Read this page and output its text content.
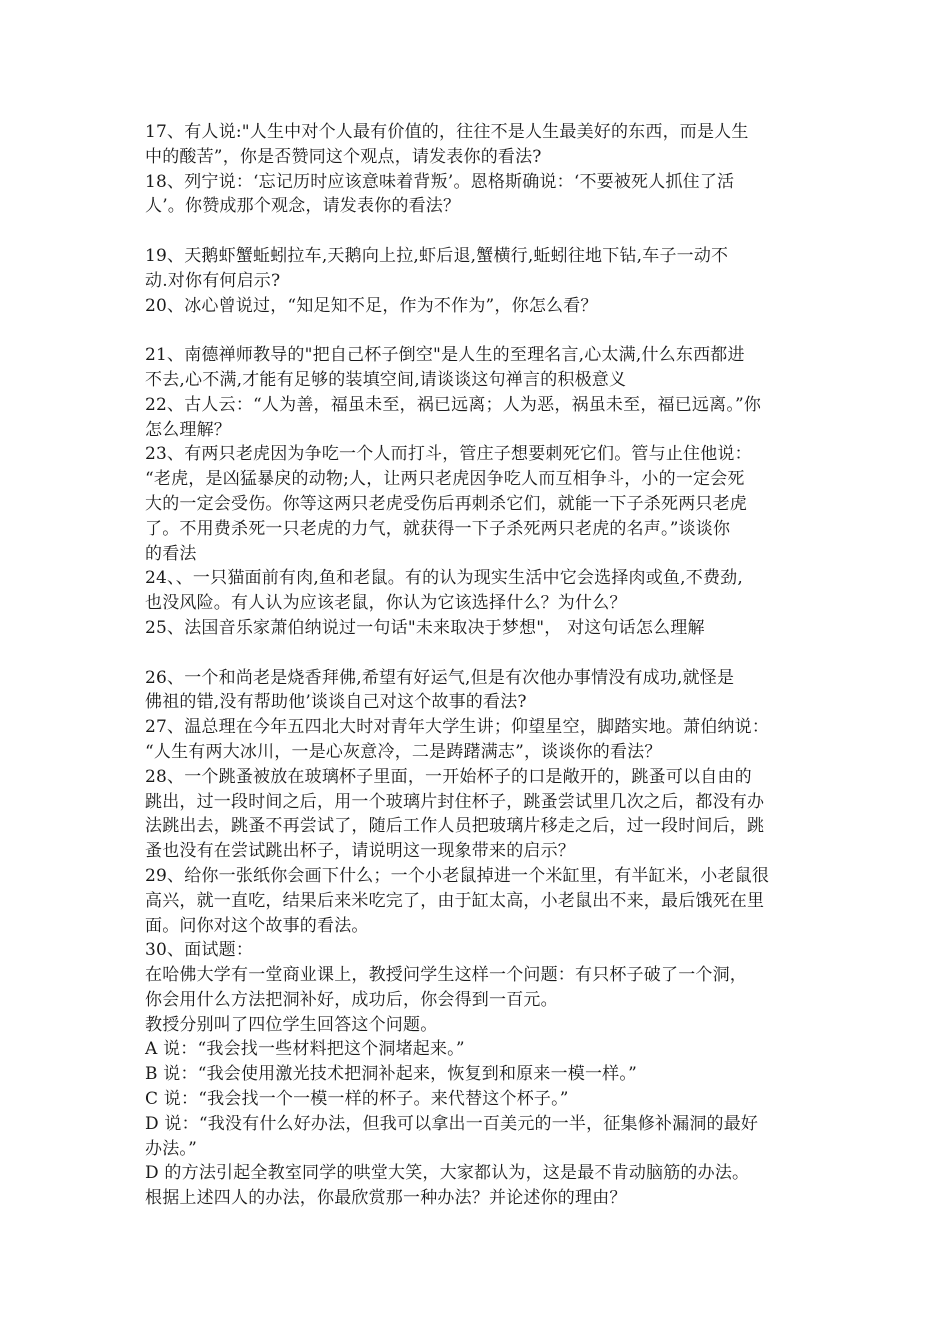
17、有人说:"人生中对个人最有价值的，往往不是人生最美好的东西，而是人生
中的酸苦”，你是否赞同这个观点，请发表你的看法?
18、列宁说：‘忘记历时应该意味着背叛’。恩格斯确说：‘不要被死人抓住了活
人’。你赞成那个观念，请发表你的看法？
19、天鹅虾蟹蚯蚓拉车,天鹅向上拉,虾后退,蟹横行,蚯蚓往地下钻,车子一动不
动.对你有何启示?
20、冰心曾说过，“知足知不足，作为不作为”，你怎么看？
21、南德禅师教导的"把自己杯子倒空"是人生的至理名言,心太满,什么东西都进
不去,心不满,才能有足够的装填空间,请谈谈这句禅言的积极意义
22、古人云：“人为善，福虽未至，祸已远离；人为恶，祸虽未至，福已远离。”你
怎么理解？
23、有两只老虎因为争吃一个人而打斗，管庄子想要刺死它们。管与止住他说：
“老虎，是凶猛暴戾的动物;人，让两只老虎因争吃人而互相争斗，小的一定会死
大的一定会受伤。你等这两只老虎受伤后再刺杀它们，就能一下子杀死两只老虎
了。不用费杀死一只老虎的力气，就获得一下子杀死两只老虎的名声。”谈谈你
的看法
24、、一只猫面前有肉,鱼和老鼠。有的认为现实生活中它会选择肉或鱼,不费劲,
也没风险。有人认为应该老鼠，你认为它该选择什么？为什么？
25、法国音乐家萧伯纳说过一句话"未来取决于梦想"， 对这句话怎么理解
26、一个和尚老是烧香拜佛,希望有好运气,但是有次他办事情没有成功,就怪是
佛祖的错,没有帮助他’谈谈自己对这个故事的看法?
27、温总理在今年五四北大时对青年大学生讲；仰望星空，脚踏实地。萧伯纳说：
“人生有两大冰川，一是心灰意冷，二是踌躇满志”，谈谈你的看法？
28、一个跳蚤被放在玻璃杯子里面，一开始杯子的口是敞开的，跳蚤可以自由的
跳出，过一段时间之后，用一个玻璃片封住杯子，跳蚤尝试里几次之后，都没有办
法跳出去，跳蚤不再尝试了，随后工作人员把玻璃片移走之后，过一段时间后，跳
蚤也没有在尝试跳出杯子，请说明这一现象带来的启示？
29、给你一张纸你会画下什么；一个小老鼠掉进一个米缸里，有半缸米，小老鼠很
高兴，就一直吃，结果后来米吃完了，由于缸太高，小老鼠出不来，最后饿死在里
面。问你对这个故事的看法。
30、面试题：
在哈佛大学有一堂商业课上，教授问学生这样一个问题：有只杯子破了一个洞，
你会用什么方法把洞补好，成功后，你会得到一百元。
教授分别叫了四位学生回答这个问题。
A 说：“我会找一些材料把这个洞堵起来。”
B 说：“我会使用激光技术把洞补起来，恢复到和原来一模一样。”
C 说：“我会找一个一模一样的杯子。来代替这个杯子。”
D 说：“我没有什么好办法，但我可以拿出一百美元的一半，征集修补漏洞的最好
办法。”
D 的方法引起全教室同学的哄堂大笑，大家都认为，这是最不肯动脑筋的办法。
根据上述四人的办法，你最欣赏那一种办法？并论述你的理由？
